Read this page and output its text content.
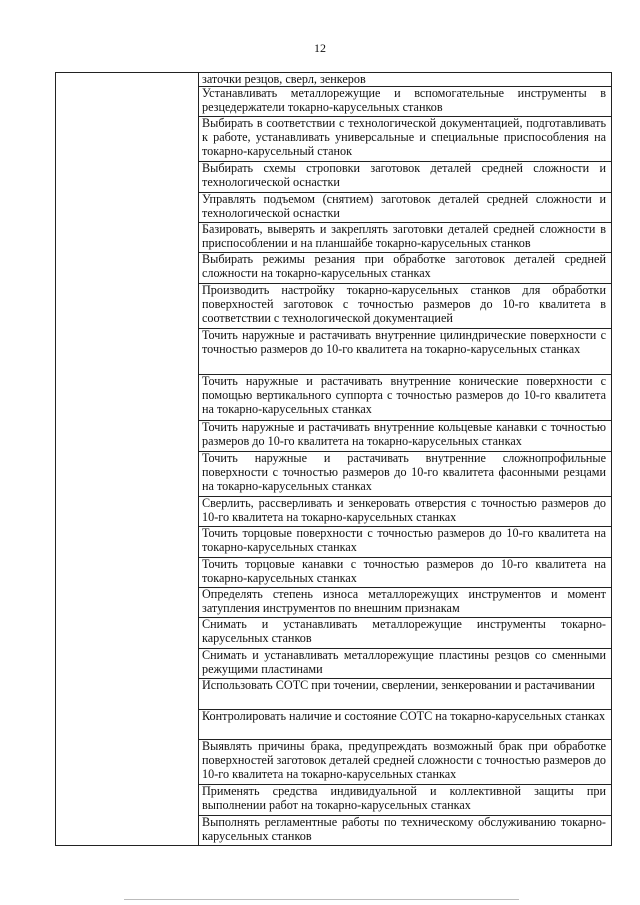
12
заточки резцов, сверл, зенкеров
Устанавливать металлорежущие и вспомогательные инструменты в резцедержатели токарно-карусельных станков
Выбирать в соответствии с технологической документацией, подготавливать к работе, устанавливать универсальные и специальные приспособления на токарно-карусельный станок
Выбирать схемы строповки заготовок деталей средней сложности и технологической оснастки
Управлять подъемом (снятием) заготовок деталей средней сложности и технологической оснастки
Базировать, выверять и закреплять заготовки деталей средней сложности в приспособлении и на планшайбе токарно-карусельных станков
Выбирать режимы резания при обработке заготовок деталей средней сложности на токарно-карусельных станках
Производить настройку токарно-карусельных станков для обработки поверхностей заготовок с точностью размеров до 10-го квалитета в соответствии с технологической документацией
Точить наружные и растачивать внутренние цилиндрические поверхности с точностью размеров до 10-го квалитета на токарно-карусельных станках
Точить наружные и растачивать внутренние конические поверхности с помощью вертикального суппорта с точностью размеров до 10-го квалитета на токарно-карусельных станках
Точить наружные и растачивать внутренние кольцевые канавки с точностью размеров до 10-го квалитета на токарно-карусельных станках
Точить наружные и растачивать внутренние сложнопрофильные поверхности с точностью размеров до 10-го квалитета фасонными резцами на токарно-карусельных станках
Сверлить, рассверливать и зенкеровать отверстия с точностью размеров до 10-го квалитета на токарно-карусельных станках
Точить торцовые поверхности с точностью размеров до 10-го квалитета на токарно-карусельных станках
Точить торцовые канавки с точностью размеров до 10-го квалитета на токарно-карусельных станках
Определять степень износа металлорежущих инструментов и момент затупления инструментов по внешним признакам
Снимать и устанавливать металлорежущие инструменты токарно-карусельных станков
Снимать и устанавливать металлорежущие пластины резцов со сменными режущими пластинами
Использовать СОТС при точении, сверлении, зенкеровании и растачивании
Контролировать наличие и состояние СОТС на токарно-карусельных станках
Выявлять причины брака, предупреждать возможный брак при обработке поверхностей заготовок деталей средней сложности с точностью размеров до 10-го квалитета на токарно-карусельных станках
Применять средства индивидуальной и коллективной защиты при выполнении работ на токарно-карусельных станках
Выполнять регламентные работы по техническому обслуживанию токарно-карусельных станков
